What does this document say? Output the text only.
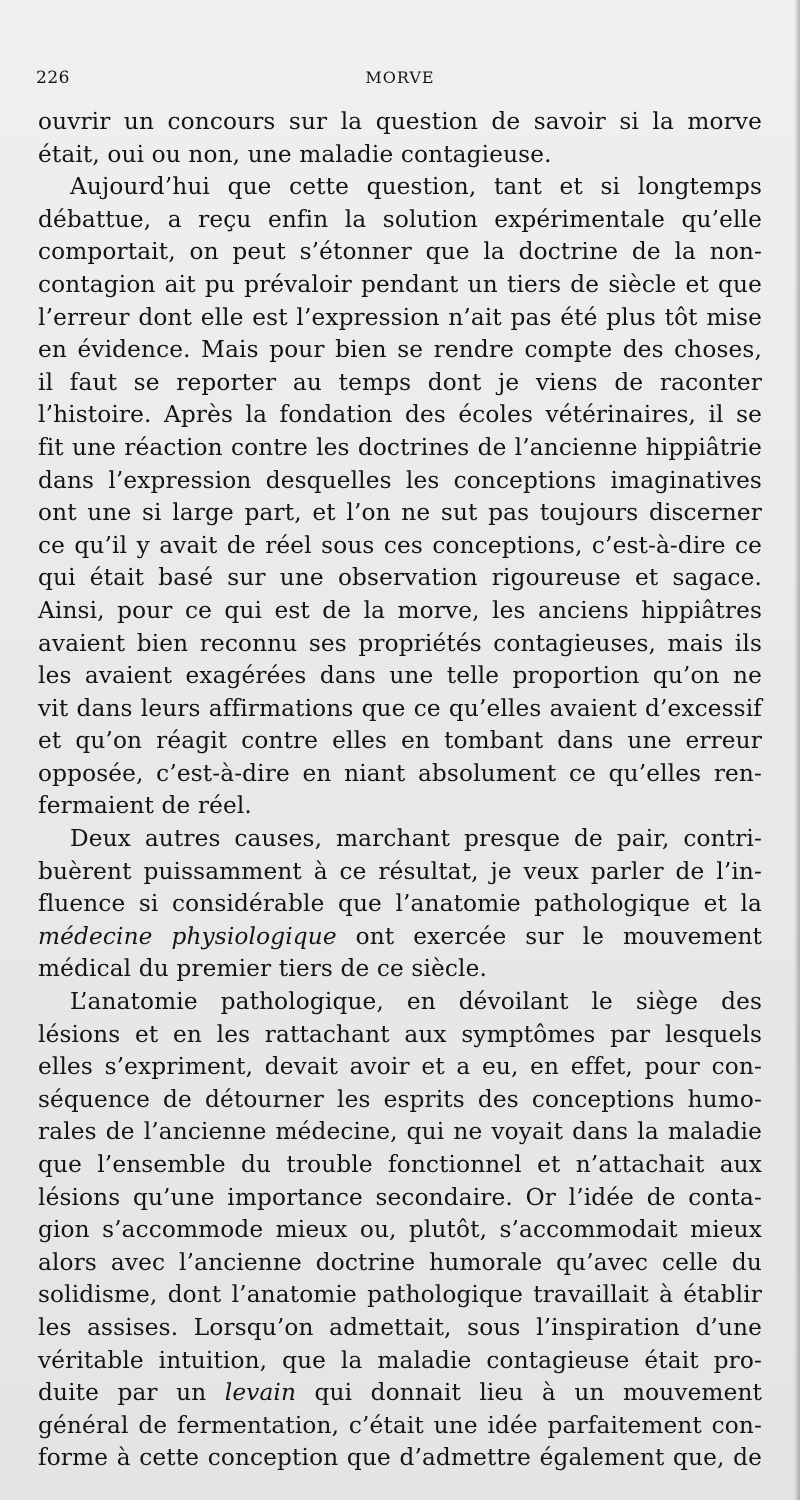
226	MORVE
ouvrir un concours sur la question de savoir si la morve
était, oui ou non, une maladie contagieuse.
Aujourd’hui que cette question, tant et si longtemps
débattue, a reçu enfin la solution expérimentale qu’elle
comportait, on peut s’étonner que la doctrine de la non-
contagion ait pu prévaloir pendant un tiers de siècle et que
l’erreur dont elle est l’expression n’ait pas été plus tôt mise
en évidence. Mais pour bien se rendre compte des choses,
il faut se reporter au temps dont je viens de raconter
l’histoire. Après la fondation des écoles vétérinaires, il se
fit une réaction contre les doctrines de l’ancienne hippiâtrie
dans l’expression desquelles les conceptions imaginatives
ont une si large part, et l’on ne sut pas toujours discerner
ce qu’il y avait de réel sous ces conceptions, c’est-à-dire ce
qui était basé sur une observation rigoureuse et sagace.
Ainsi, pour ce qui est de la morve, les anciens hippiâtres
avaient bien reconnu ses propriétés contagieuses, mais ils
les avaient exagérées dans une telle proportion qu’on ne
vit dans leurs affirmations que ce qu’elles avaient d’excessif
et qu’on réagit contre elles en tombant dans une erreur
opposée, c’est-à-dire en niant absolument ce qu’elles ren-
fermaient de réel.
Deux autres causes, marchant presque de pair, contri-
buèrent puissamment à ce résultat, je veux parler de l’in-
fluence si considérable que l’anatomie pathologique et la
médecine physiologique ont exercée sur le mouvement
médical du premier tiers de ce siècle.
L’anatomie pathologique, en dévoilant le siège des
lésions et en les rattachant aux symptômes par lesquels
elles s’expriment, devait avoir et a eu, en effet, pour con-
séquence de détourner les esprits des conceptions humo-
rales de l’ancienne médecine, qui ne voyait dans la maladie
que l’ensemble du trouble fonctionnel et n’attachait aux
lésions qu’une importance secondaire. Or l’idée de conta-
gion s’accommode mieux ou, plutôt, s’accommodait mieux
alors avec l’ancienne doctrine humorale qu’avec celle du
solidisme, dont l’anatomie pathologique travaillait à établir
les assises. Lorsqu’on admettait, sous l’inspiration d’une
véritable intuition, que la maladie contagieuse était pro-
duite par un levain qui donnait lieu à un mouvement
général de fermentation, c’était une idée parfaitement con-
forme à cette conception que d’admettre également que, de
